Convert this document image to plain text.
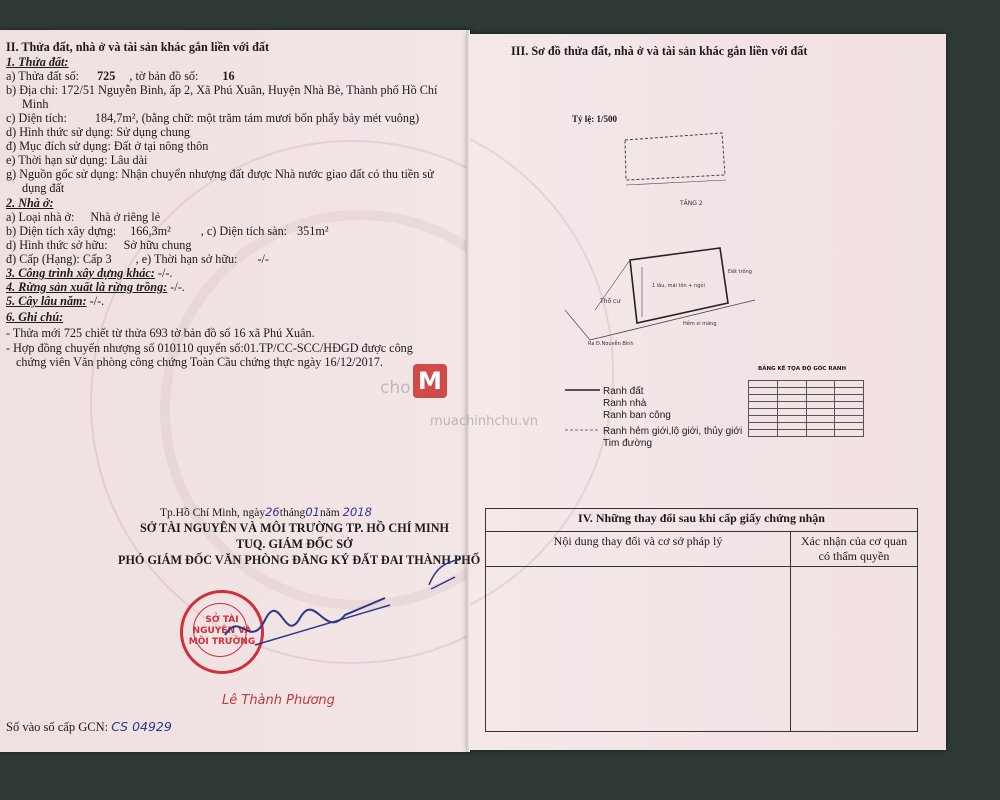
II. Thửa đất, nhà ở và tài sản khác gắn liền với đất
1. Thửa đất:
a) Thửa đất số: 725 , tờ bản đồ số: 16
b) Địa chỉ: 172/51 Nguyễn Bình, ấp 2, Xã Phú Xuân, Huyện Nhà Bè, Thành phố Hồ Chí
Minh
c) Diện tích: 184,7m², (bằng chữ: một trăm tám mươi bốn phẩy bảy mét vuông)
d) Hình thức sử dụng: Sử dụng chung
đ) Mục đích sử dụng: Đất ở tại nông thôn
e) Thời hạn sử dụng: Lâu dài
g) Nguồn gốc sử dụng: Nhận chuyển nhượng đất được Nhà nước giao đất có thu tiền sử
dụng đất
2. Nhà ở:
a) Loại nhà ở: Nhà ở riêng lẻ
b) Diện tích xây dựng: 166,3m² , c) Diện tích sàn: 351m²
d) Hình thức sở hữu: Sở hữu chung
đ) Cấp (Hạng): Cấp 3 , e) Thời hạn sở hữu: -/-
3. Công trình xây dựng khác: -/-.
4. Rừng sản xuất là rừng trồng: -/-.
5. Cây lâu năm: -/-.
6. Ghi chú:
- Thửa mới 725 chiết từ thửa 693 tờ bản đồ số 16 xã Phú Xuân.
- Hợp đồng chuyển nhượng số 010110 quyển số:01.TP/CC-SCC/HĐGD được công
chứng viên Văn phòng công chứng Toàn Cầu chứng thực ngày 16/12/2017.
Tp.Hồ Chí Minh, ngày26tháng01năm 2018
SỞ TÀI NGUYÊN VÀ MÔI TRƯỜNG TP. HỒ CHÍ MINH
TUQ. GIÁM ĐỐC SỞ
PHÓ GIÁM ĐỐC VĂN PHÒNG ĐĂNG KÝ ĐẤT ĐAI THÀNH PHỐ
SỞ TÀI NGUYÊN VÀ MÔI TRƯỜNG
Lê Thành Phương
Số vào sổ cấp GCN: CS 04929
III. Sơ đồ thửa đất, nhà ở và tài sản khác gắn liền với đất
Tỷ lệ: 1/500
TẦNG 2
1 lầu, mái tôn + ngói
Thổ cư
Đất trống
Hẻm xi măng
Ra Đ.Nguyễn Bình
Ranh đất
Ranh nhà
Ranh ban công
Ranh hẻm giới,lộ giới, thủy giới
Tim đường
BẢNG KÊ TỌA ĐỘ GÓC RANH

IV. Những thay đổi sau khi cấp giấy chứng nhận	
Nội dung thay đổi và cơ sở pháp lý	Xác nhận của cơ quan có thẩm quyền

cho M
muachinhchu.vn
